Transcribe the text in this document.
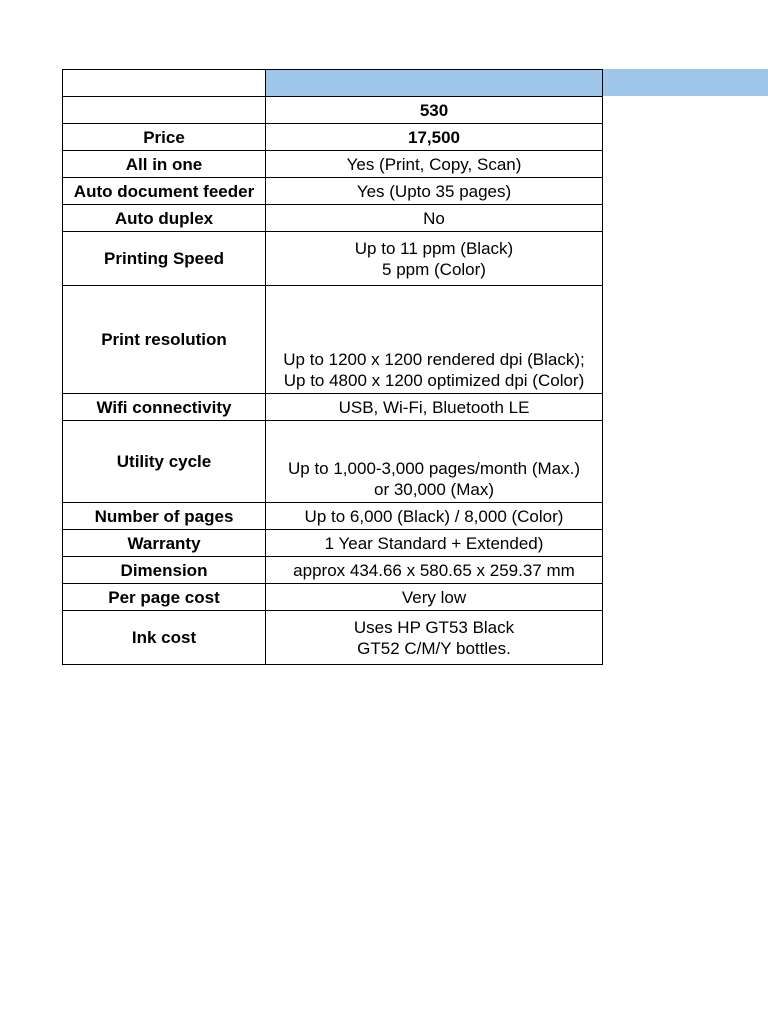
	530
Price	17,500

All in one	Yes (Print, Copy, Scan)

Auto document feeder	Yes (Upto 35 pages)

Auto duplex	No

Printing Speed	Up to 11 ppm (Black)
5 ppm (Color)

Print resolution	Up to 1200 x 1200 rendered dpi (Black);
Up to 4800 x 1200 optimized dpi (Color)

Wifi connectivity	USB, Wi-Fi, Bluetooth LE

Utility cycle	Up to 1,000-3,000 pages/month (Max.)
or 30,000 (Max)

Number of pages	Up to 6,000 (Black) / 8,000 (Color)

Warranty	1 Year Standard + Extended)

Dimension	approx 434.66 x 580.65 x 259.37 mm

Per page cost	Very low

Ink cost	Uses HP GT53 Black
GT52 C/M/Y bottles.
